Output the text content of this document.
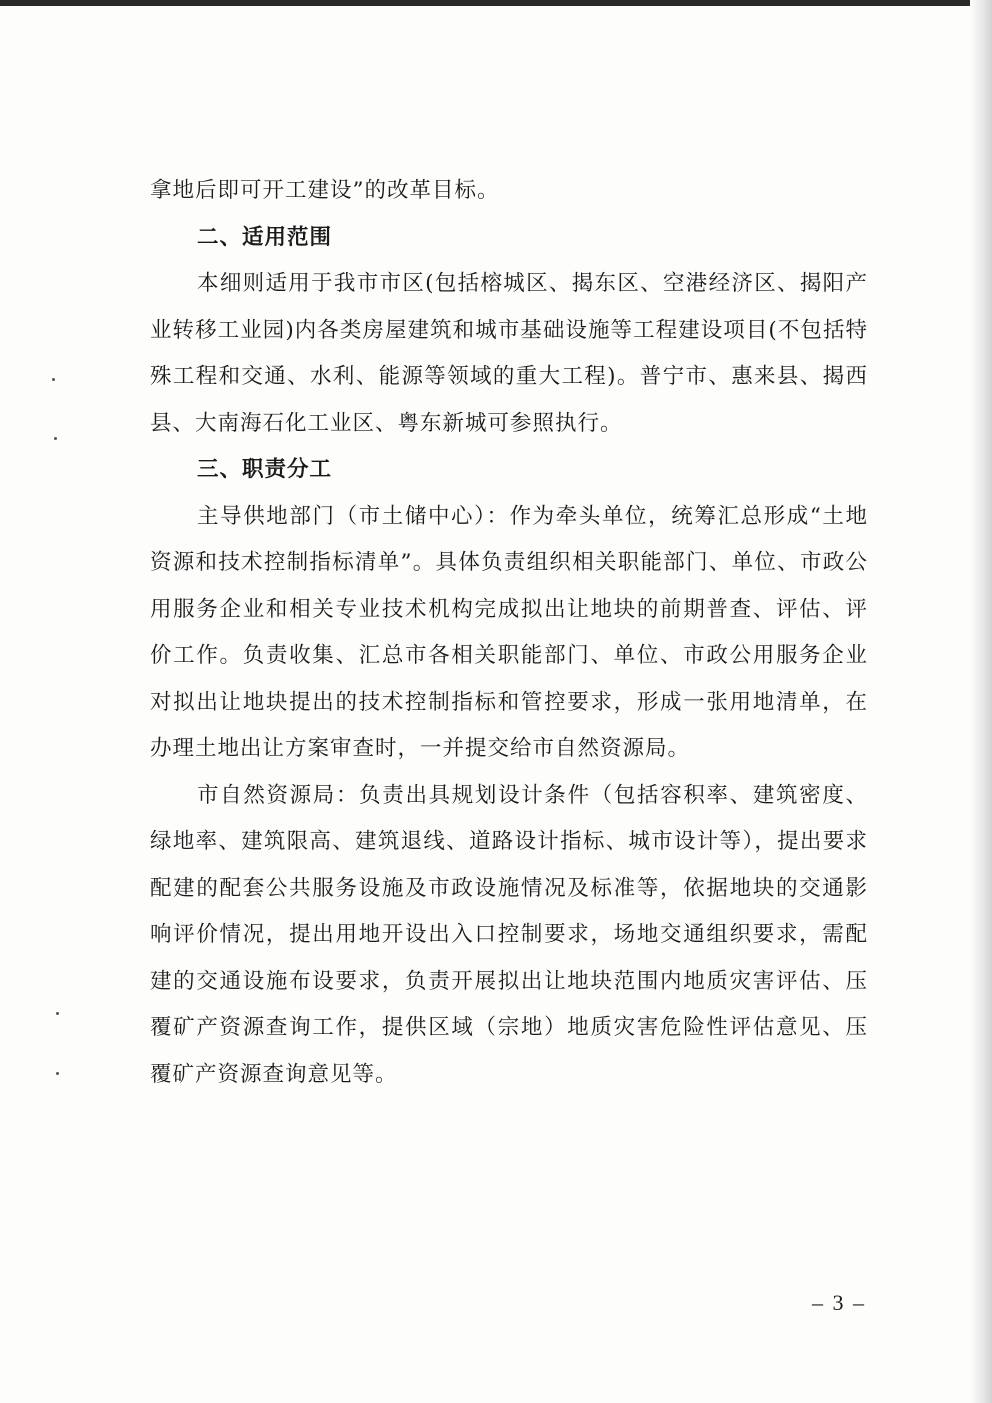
拿地后即可开工建设”的改革目标。

二、适用范围

本细则适用于我市市区(包括榕城区、揭东区、空港经济区、揭阳产业转移工业园)内各类房屋建筑和城市基础设施等工程建设项目(不包括特殊工程和交通、水利、能源等领域的重大工程)。普宁市、惠来县、揭西县、大南海石化工业区、粤东新城可参照执行。

三、职责分工

主导供地部门（市土储中心）：作为牵头单位，统筹汇总形成“土地资源和技术控制指标清单”。具体负责组织相关职能部门、单位、市政公用服务企业和相关专业技术机构完成拟出让地块的前期普查、评估、评价工作。负责收集、汇总市各相关职能部门、单位、市政公用服务企业对拟出让地块提出的技术控制指标和管控要求，形成一张用地清单，在办理土地出让方案审查时，一并提交给市自然资源局。

市自然资源局：负责出具规划设计条件（包括容积率、建筑密度、绿地率、建筑限高、建筑退线、道路设计指标、城市设计等），提出要求配建的配套公共服务设施及市政设施情况及标准等，依据地块的交通影响评价情况，提出用地开设出入口控制要求，场地交通组织要求，需配建的交通设施布设要求，负责开展拟出让地块范围内地质灾害评估、压覆矿产资源查询工作，提供区域（宗地）地质灾害危险性评估意见、压覆矿产资源查询意见等。

– 3 –
